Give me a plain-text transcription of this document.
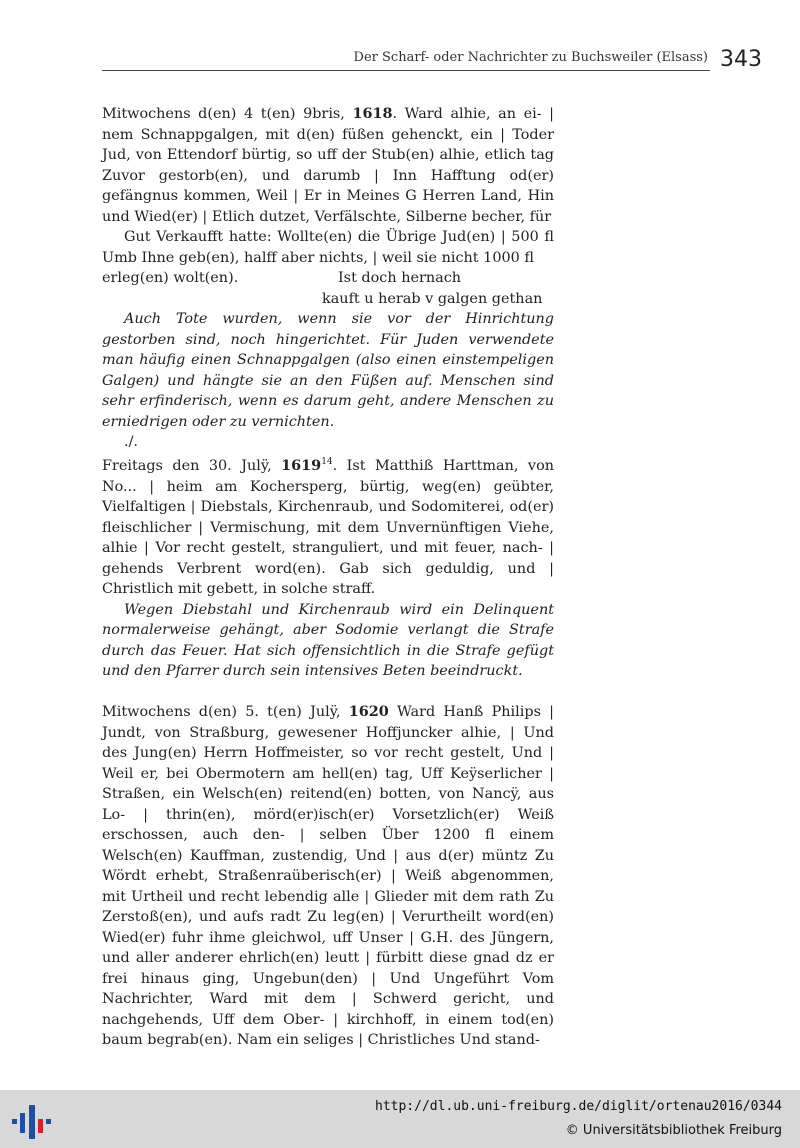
Der Scharf- oder Nachrichter zu Buchsweiler (Elsass) 343

Mitwochens d(en) 4 t(en) 9bris, 1618. Ward alhie, an ei- | nem Schnappgalgen, mit d(en) füßen gehenckt, ein | Toder Jud, von Ettendorf bürtig, so uff der Stub(en) alhie, etlich tag Zuvor gestorb(en), und darumb | Inn Hafftung od(er) gefängnus kommen, Weil | Er in Meines G Herren Land, Hin und Wied(er) | Etlich dutzet, Verfälschte, Silberne becher, für

Gut Verkaufft hatte: Wollte(en) die Übrige Jud(en) | 500 fl Umb Ihne geb(en), halff aber nichts, | weil sie nicht 1000 fl

erleg(en) wolt(en).	Ist doch hernach
kauft u herab v galgen gethan

Auch Tote wurden, wenn sie vor der Hinrichtung gestorben sind, noch hingerichtet. Für Juden verwendete man häufig einen Schnappgalgen (also einen einstempeligen Galgen) und hängte sie an den Füßen auf. Menschen sind sehr erfinderisch, wenn es darum geht, andere Menschen zu erniedrigen oder zu vernichten.

./.

Freitags den 30. Julÿ, 1619$^{14}$. Ist Matthiß Harttman, von No... | heim am Kochersperg, bürtig, weg(en) geübter, Vielfaltigen | Diebstals, Kirchenraub, und Sodomiterei, od(er) fleischlicher | Vermischung, mit dem Unvernünftigen Viehe, alhie | Vor recht gestelt, stranguliert, und mit feuer, nach- | gehends Verbrent word(en). Gab sich geduldig, und | Christlich mit gebett, in solche straff.

Wegen Diebstahl und Kirchenraub wird ein Delinquent normalerweise gehängt, aber Sodomie verlangt die Strafe durch das Feuer. Hat sich offensichtlich in die Strafe gefügt und den Pfarrer durch sein intensives Beten beeindruckt.

Mitwochens d(en) 5. t(en) Julÿ, 1620 Ward Hanß Philips | Jundt, von Straßburg, gewesener Hoffjuncker alhie, | Und des Jung(en) Herrn Hoffmeister, so vor recht gestelt, Und | Weil er, bei Obermotern am hell(en) tag, Uff Keÿserlicher | Straßen, ein Welsch(en) reitend(en) botten, von Nancÿ, aus Lo- | thrin(en), mörd(er)isch(er) Vorsetzlich(er) Weiß erschossen, auch den- | selben Über 1200 fl einem Welsch(en) Kauffman, zustendig, Und | aus d(er) müntz Zu Wördt erhebt, Straßenraüberisch(er) | Weiß abgenommen, mit Urtheil und recht lebendig alle | Glieder mit dem rath Zu Zerstoß(en), und aufs radt Zu leg(en) | Verurtheilt word(en) Wied(er) fuhr ihme gleichwol, uff Unser | G.H. des Jüngern, und aller anderer ehrlich(en) leutt | fürbitt diese gnad dz er frei hinaus ging, Ungebun(den) | Und Ungeführt Vom Nachrichter, Ward mit dem | Schwerd gericht, und nachgehends, Uff dem Ober- | kirchhoff, in einem tod(en) baum begrab(en). Nam ein seliges | Christliches Und stand-

http://dl.ub.uni-freiburg.de/diglit/ortenau2016/0344
© Universitätsbibliothek Freiburg
